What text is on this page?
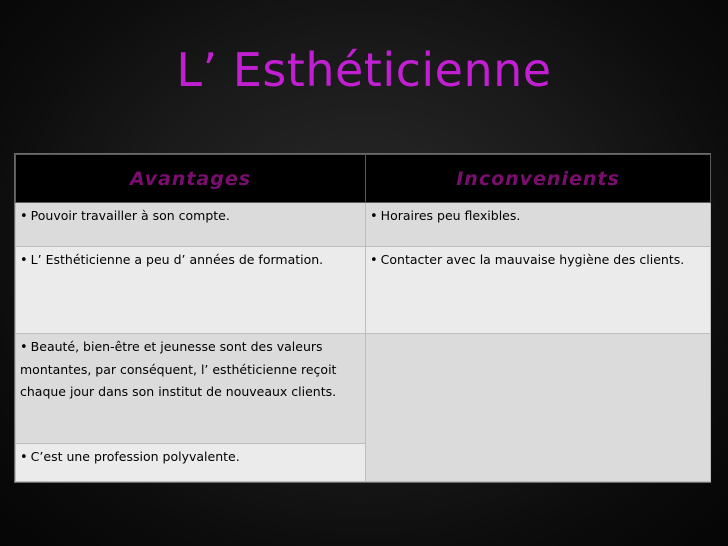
L’ Esthéticienne
Avantages	Inconvenients

• Pouvoir travailler à son compte.	• Horaires peu flexibles.

• L’ Esthéticienne a peu d’ années de formation.	• Contacter avec la mauvaise hygiène des clients.

• Beauté, bien-être et jeunesse sont des valeurs montantes, par conséquent, l’ esthéticienne reçoit chaque jour dans son institut de nouveaux clients.	

• C’est une profession polyvalente.	
